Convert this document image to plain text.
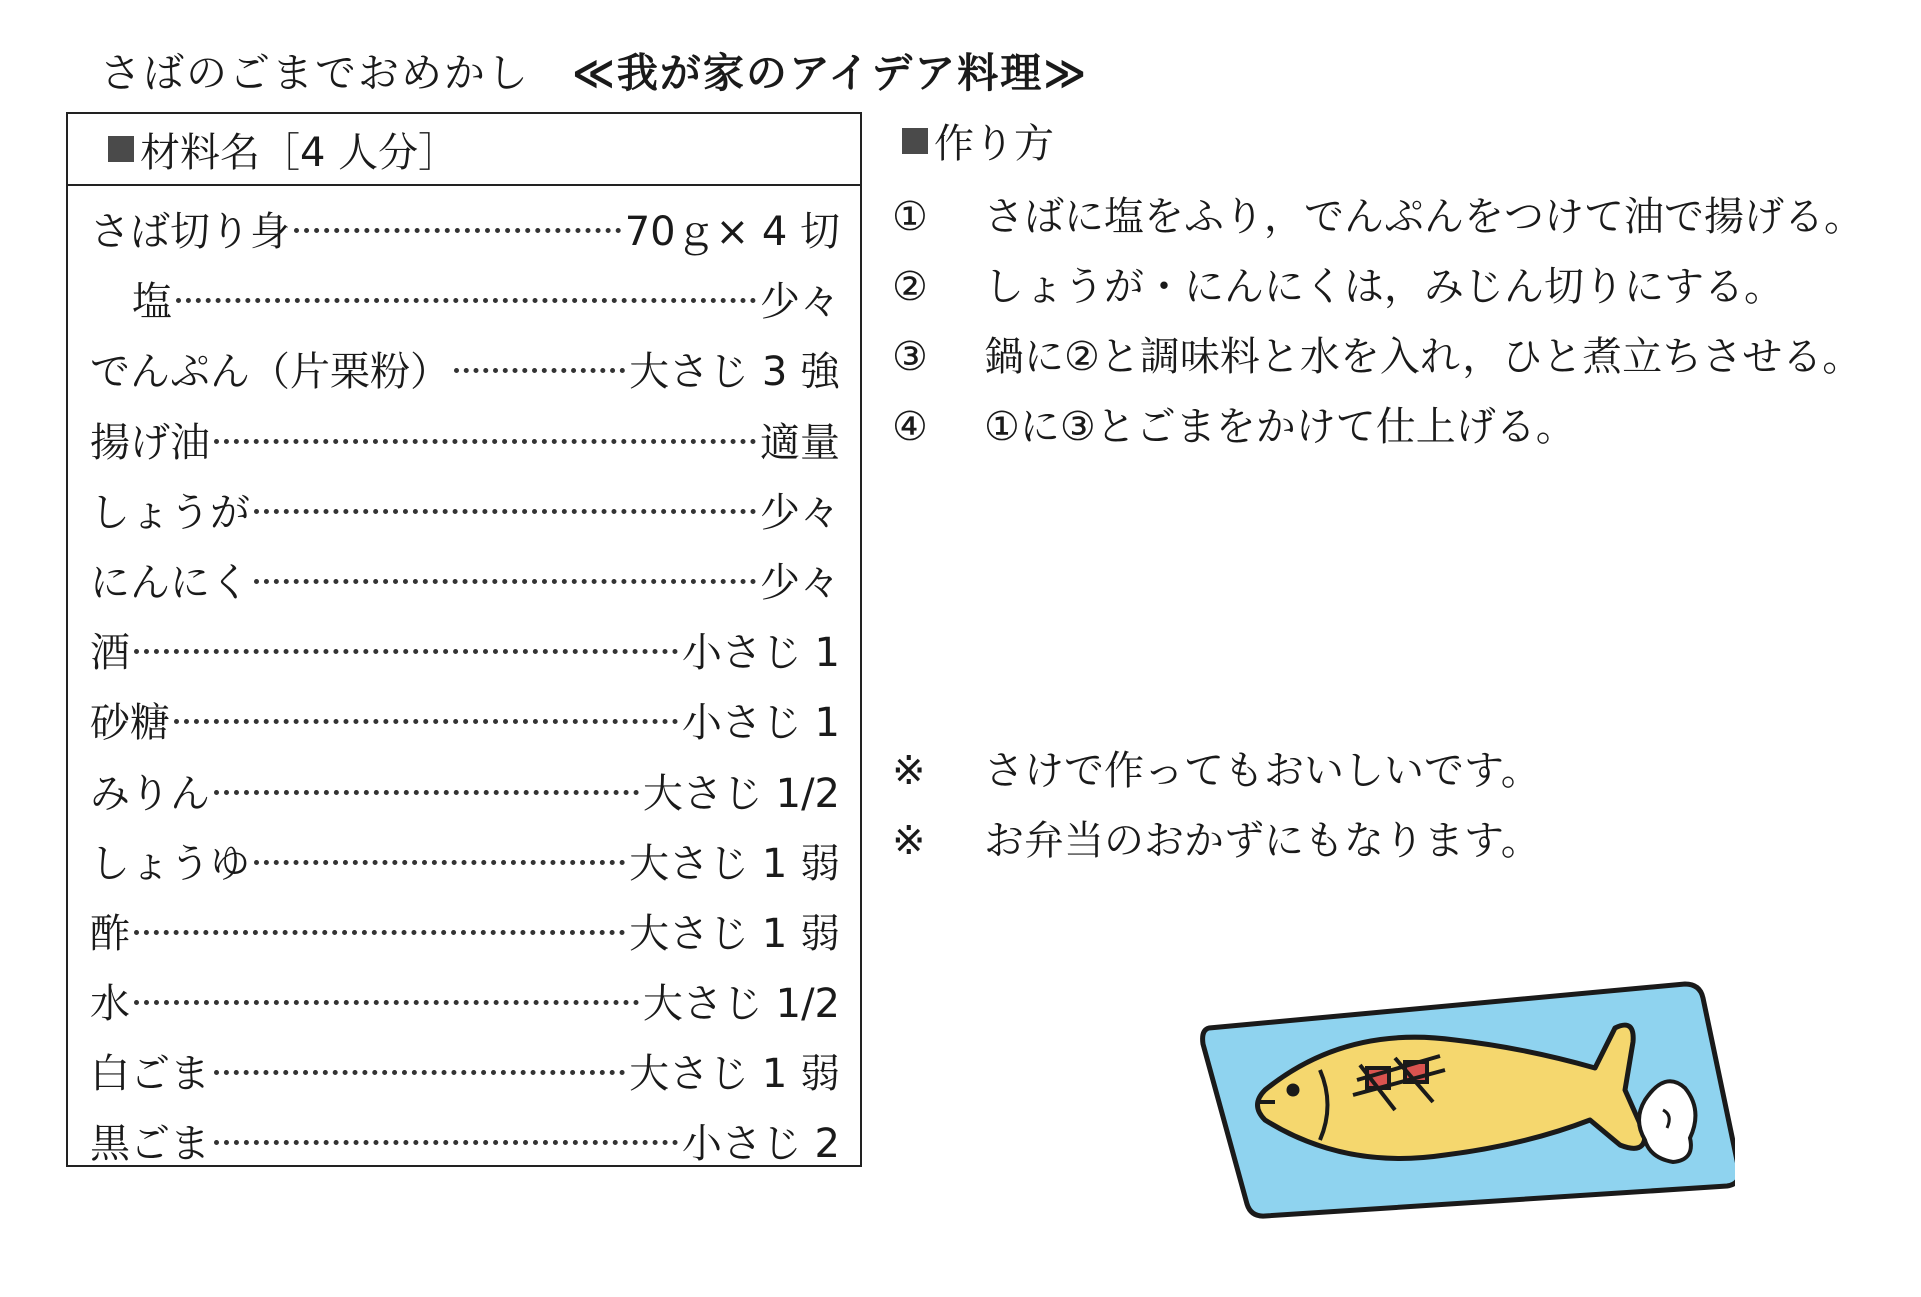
さばのごまでおめかし ≪我が家のアイデア料理≫
材料名［4 人分］
さば切り身	70ｇ× 4 切
塩	少々
でんぷん（片栗粉）	大さじ 3 強
揚げ油	適量
しょうが	少々
にんにく	少々
酒	小さじ 1
砂糖	小さじ 1
みりん	大さじ 1/2
しょうゆ	大さじ 1 弱
酢	大さじ 1 弱
水	大さじ 1/2
白ごま	大さじ 1 弱
黒ごま	小さじ 2
作り方
①	さばに塩をふり，でんぷんをつけて油で揚げる。
②	しょうが・にんにくは，みじん切りにする。
③	鍋に②と調味料と水を入れ，ひと煮立ちさせる。
④	①に③とごまをかけて仕上げる。
※	さけで作ってもおいしいです。
※	お弁当のおかずにもなります。
